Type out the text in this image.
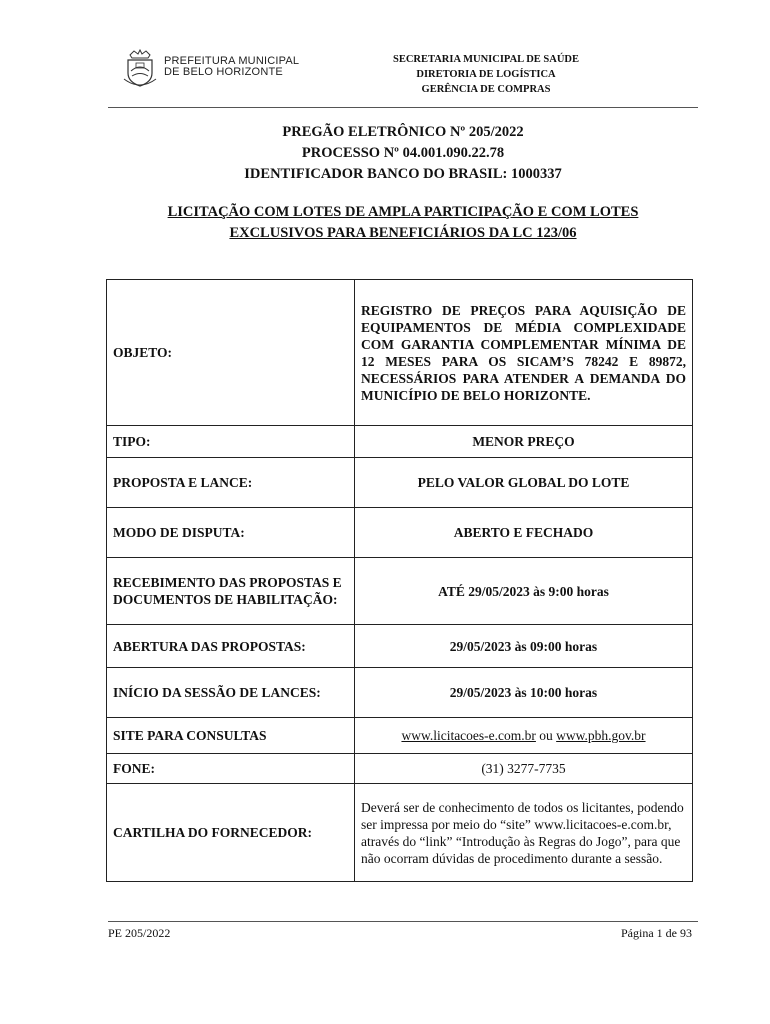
PREFEITURA MUNICIPAL
DE BELO HORIZONTE
SECRETARIA MUNICIPAL DE SAÚDE
DIRETORIA DE LOGÍSTICA
GERÊNCIA DE COMPRAS
PREGÃO ELETRÔNICO Nº 205/2022
PROCESSO Nº 04.001.090.22.78
IDENTIFICADOR BANCO DO BRASIL: 1000337
LICITAÇÃO COM LOTES DE AMPLA PARTICIPAÇÃO E COM LOTES
EXCLUSIVOS PARA BENEFICIÁRIOS DA LC 123/06
OBJETO:	REGISTRO DE PREÇOS PARA AQUISIÇÃO DE EQUIPAMENTOS DE MÉDIA COMPLEXIDADE COM GARANTIA COMPLEMENTAR MÍNIMA DE 12 MESES PARA OS SICAM’S 78242 E 89872, NECESSÁRIOS PARA ATENDER A DEMANDA DO MUNICÍPIO DE BELO HORIZONTE.
TIPO:	MENOR PREÇO
PROPOSTA E LANCE:	PELO VALOR GLOBAL DO LOTE
MODO DE DISPUTA:	ABERTO E FECHADO
RECEBIMENTO DAS PROPOSTAS E DOCUMENTOS DE HABILITAÇÃO:	ATÉ 29/05/2023 às 9:00 horas
ABERTURA DAS PROPOSTAS:	29/05/2023 às 09:00 horas
INÍCIO DA SESSÃO DE LANCES:	29/05/2023 às 10:00 horas
SITE PARA CONSULTAS	www.licitacoes-e.com.br ou www.pbh.gov.br
FONE:	(31) 3277-7735
CARTILHA DO FORNECEDOR:	Deverá ser de conhecimento de todos os licitantes, podendo ser impressa por meio do “site” www.licitacoes-e.com.br, através do “link” “Introdução às Regras do Jogo”, para que não ocorram dúvidas de procedimento durante a sessão.
PE 205/2022	Página 1 de 93
